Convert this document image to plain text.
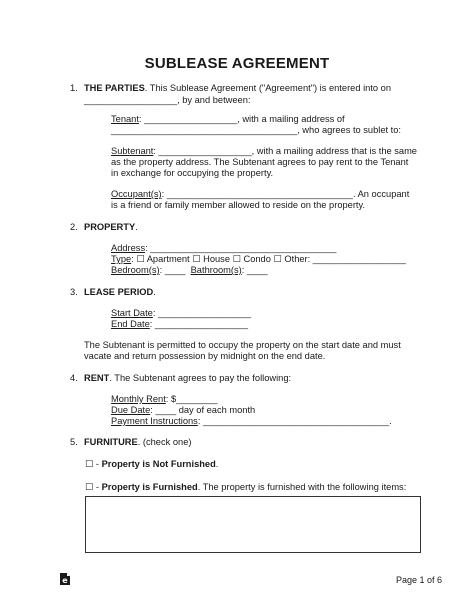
SUBLEASE AGREEMENT
1. THE PARTIES. This Sublease Agreement ("Agreement") is entered into on
__________________, by and between:
Tenant: __________________, with a mailing address of
____________________________________, who agrees to sublet to:
Subtenant: __________________, with a mailing address that is the same
as the property address. The Subtenant agrees to pay rent to the Tenant
in exchange for occupying the property.
Occupant(s): ____________________________________. An occupant
is a friend or family member allowed to reside on the property.
2. PROPERTY.
Address: ____________________________________
Type: ☐ Apartment ☐ House ☐ Condo ☐ Other: __________________
Bedroom(s): ____ Bathroom(s): ____
3. LEASE PERIOD.
Start Date: __________________
End Date: __________________
The Subtenant is permitted to occupy the property on the start date and must
vacate and return possession by midnight on the end date.
4. RENT. The Subtenant agrees to pay the following:
Monthly Rent: $________
Due Date: ____ day of each month
Payment Instructions: ____________________________________.
5. FURNITURE. (check one)
☐ - Property is Not Furnished.
☐ - Property is Furnished. The property is furnished with the following items:
e	Page 1 of 6
